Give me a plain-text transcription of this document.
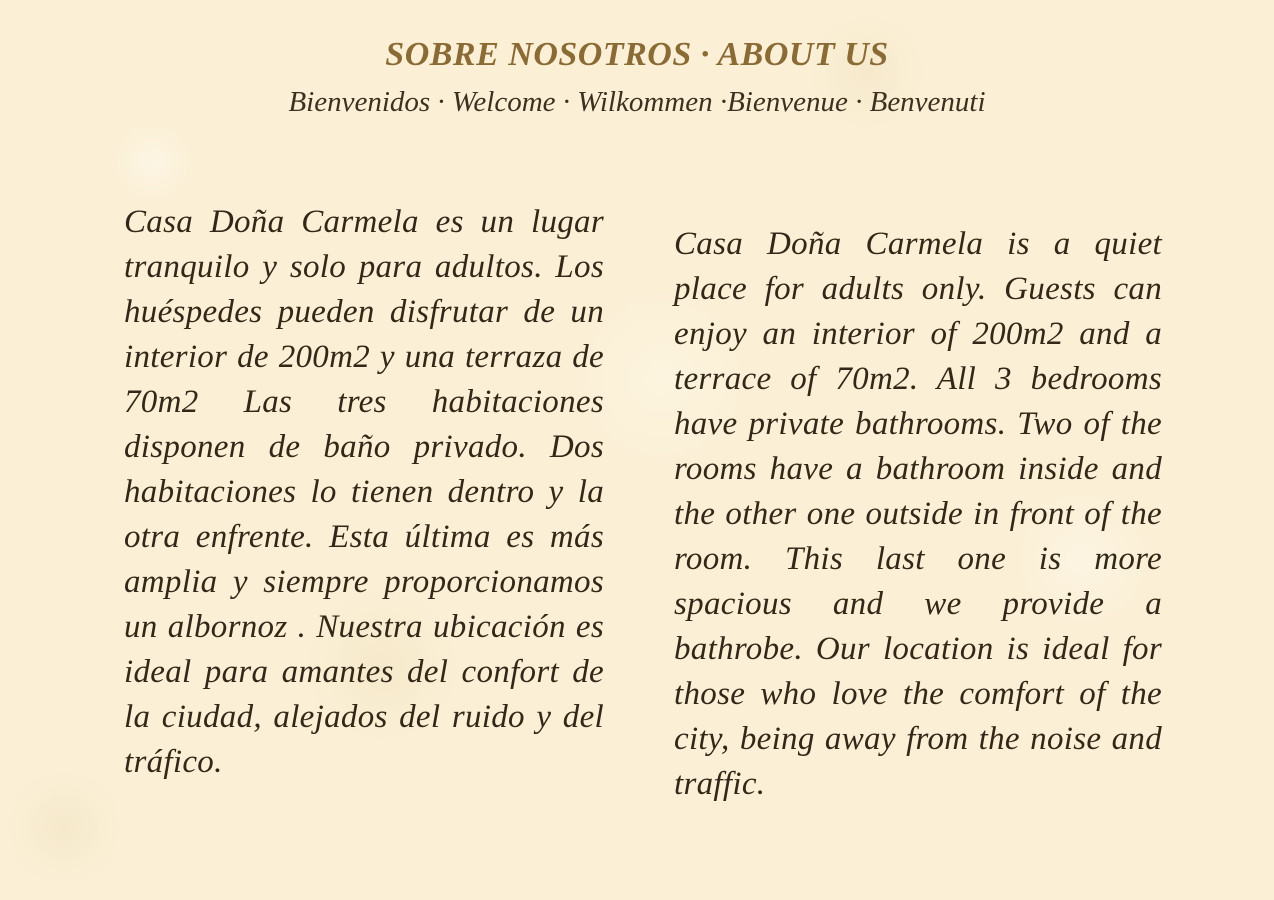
SOBRE NOSOTROS · ABOUT US
Bienvenidos · Welcome · Wilkommen ·Bienvenue · Benvenuti
Casa Doña Carmela es un lugar tranquilo y solo para adultos. Los huéspedes pueden disfrutar de un interior de 200m2 y una terraza de 70m2 Las tres habitaciones disponen de baño privado. Dos habitaciones lo tienen dentro y la otra enfrente. Esta última es más amplia y siempre proporcionamos un albornoz . Nuestra ubicación es ideal para amantes del confort de la ciudad, alejados del ruido y del tráfico.
Casa Doña Carmela is a quiet place for adults only. Guests can enjoy an interior of 200m2 and a terrace of 70m2. All 3 bedrooms have private bathrooms. Two of the rooms have a bathroom inside and the other one outside in front of the room. This last one is more spacious and we provide a bathrobe. Our location is ideal for those who love the comfort of the city, being away from the noise and traffic.
